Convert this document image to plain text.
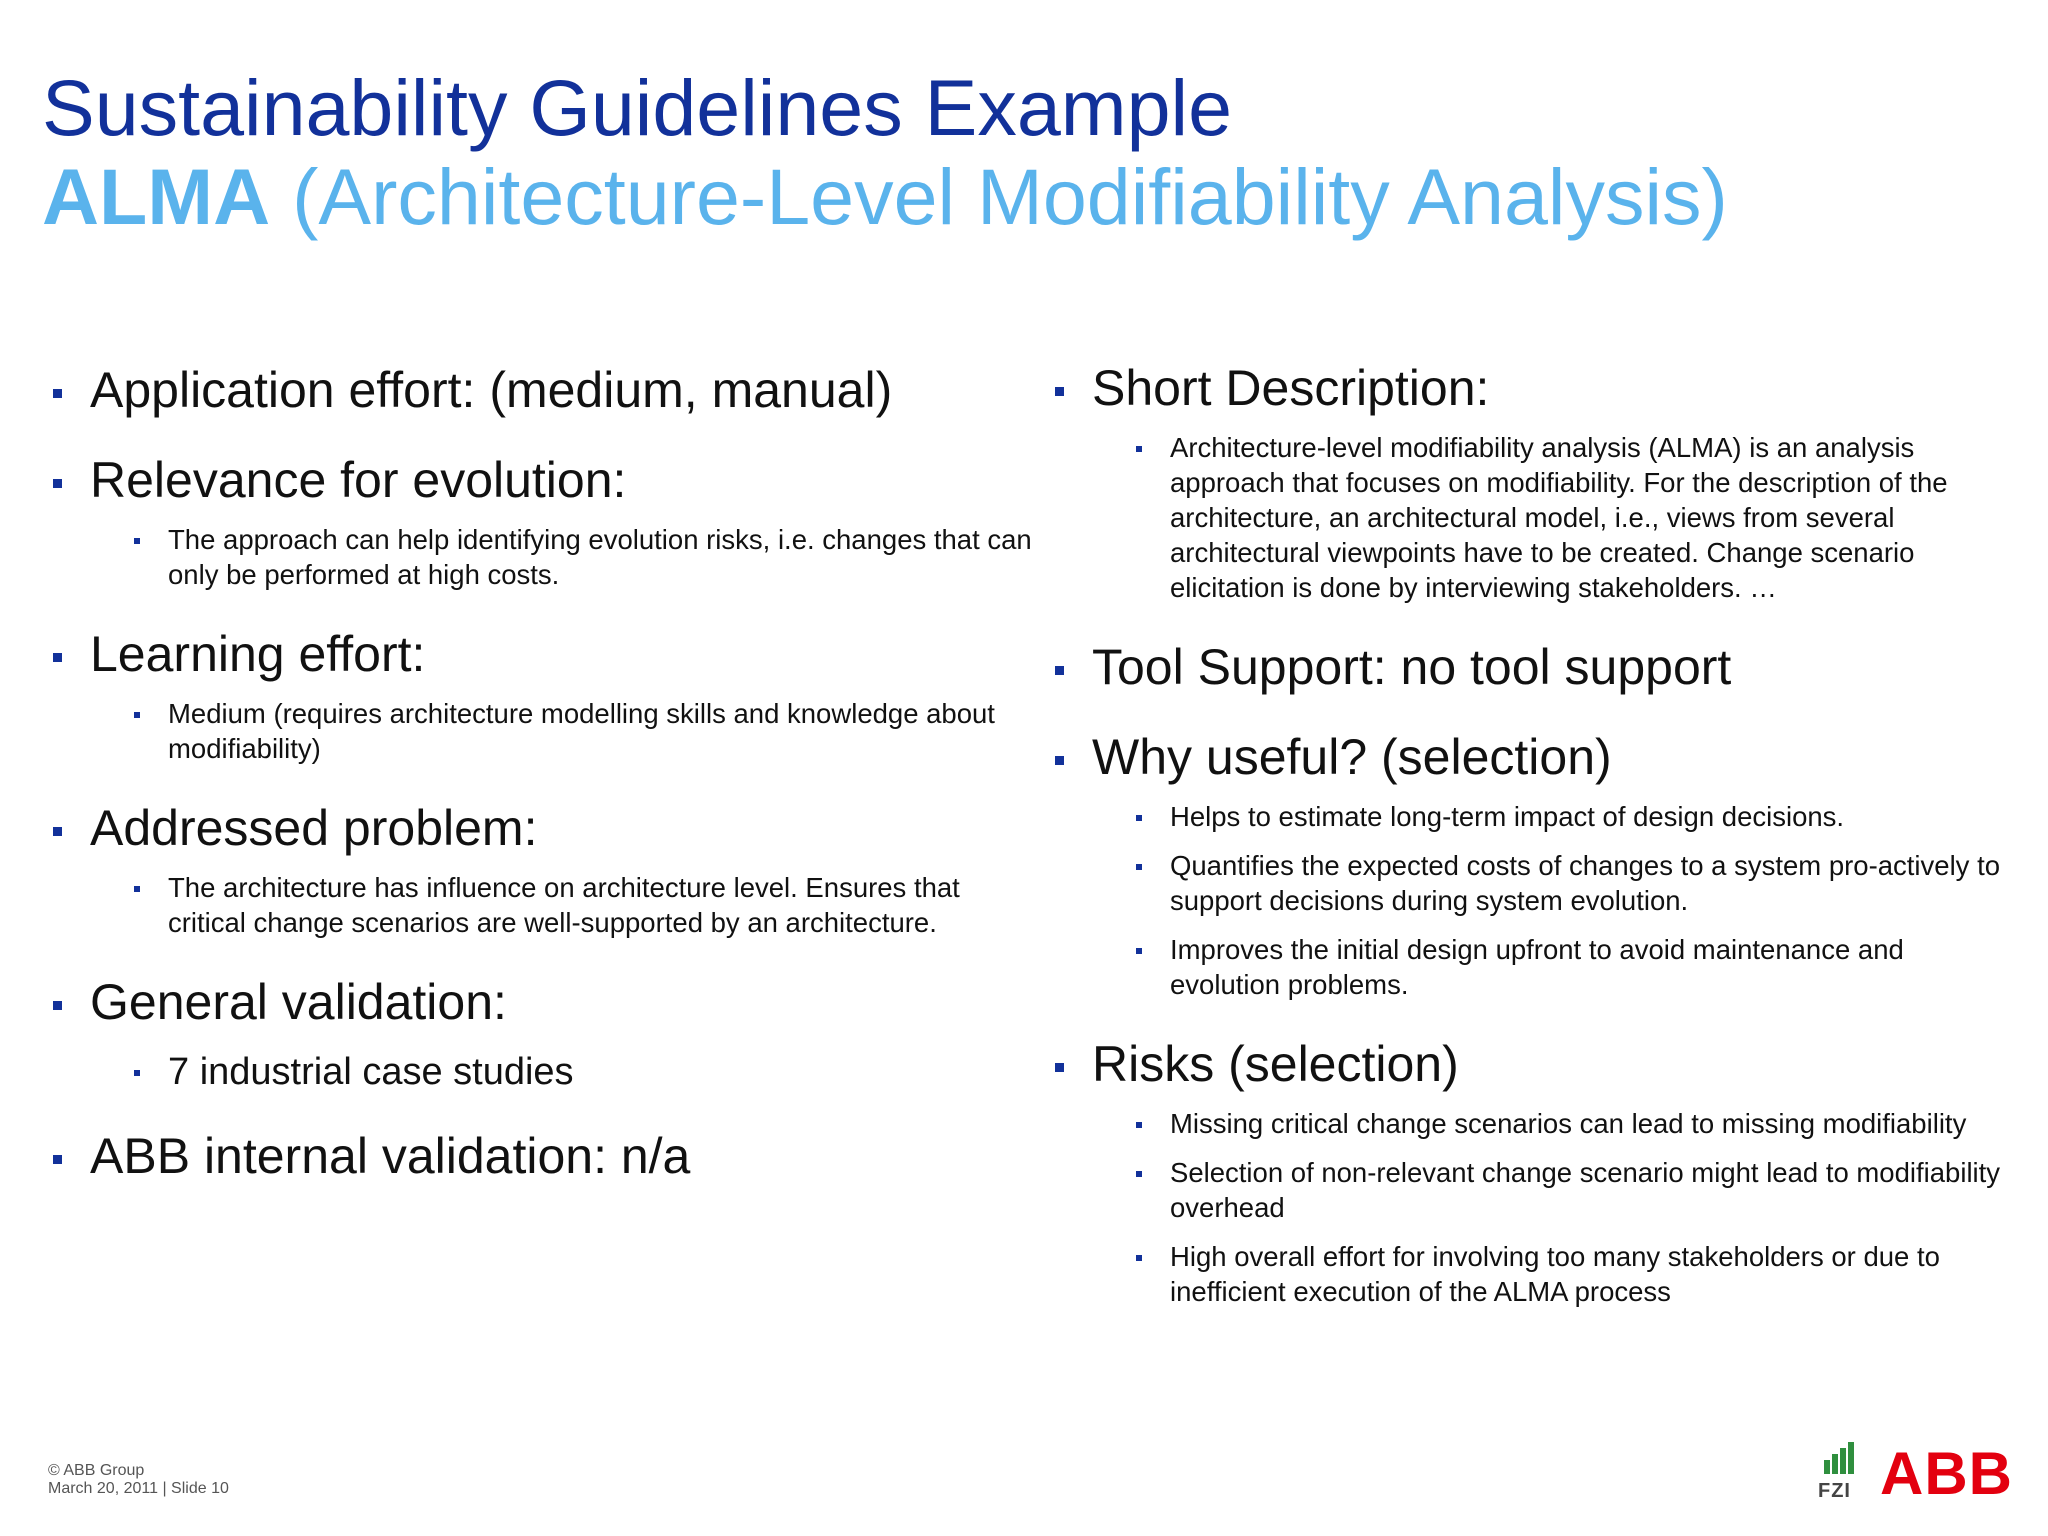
Sustainability Guidelines Example
ALMA (Architecture-Level Modifiability Analysis)
Application effort: (medium, manual)
Relevance for evolution:
The approach can help identifying evolution risks, i.e. changes that can only be performed at high costs.
Learning effort:
Medium (requires architecture modelling skills and knowledge about modifiability)
Addressed problem:
The architecture has influence on architecture level. Ensures that critical change scenarios are well-supported by an architecture.
General validation:
7 industrial case studies
ABB internal validation: n/a
Short Description:
Architecture-level modifiability analysis (ALMA) is an analysis approach that focuses on modifiability. For the description of the architecture, an architectural model, i.e., views from several architectural viewpoints have to be created. Change scenario elicitation is done by interviewing stakeholders. …
Tool Support: no tool support
Why useful? (selection)
Helps to estimate long-term impact of design decisions.
Quantifies the expected costs of changes to a system pro-actively to support decisions during system evolution.
Improves the initial design upfront to avoid maintenance and evolution problems.
Risks (selection)
Missing critical change scenarios can lead to missing modifiability
Selection of non-relevant change scenario might lead to modifiability overhead
High overall effort for involving too many stakeholders or due to inefficient execution of the ALMA process
© ABB Group
March 20, 2011 | Slide 10	FZI ABB
